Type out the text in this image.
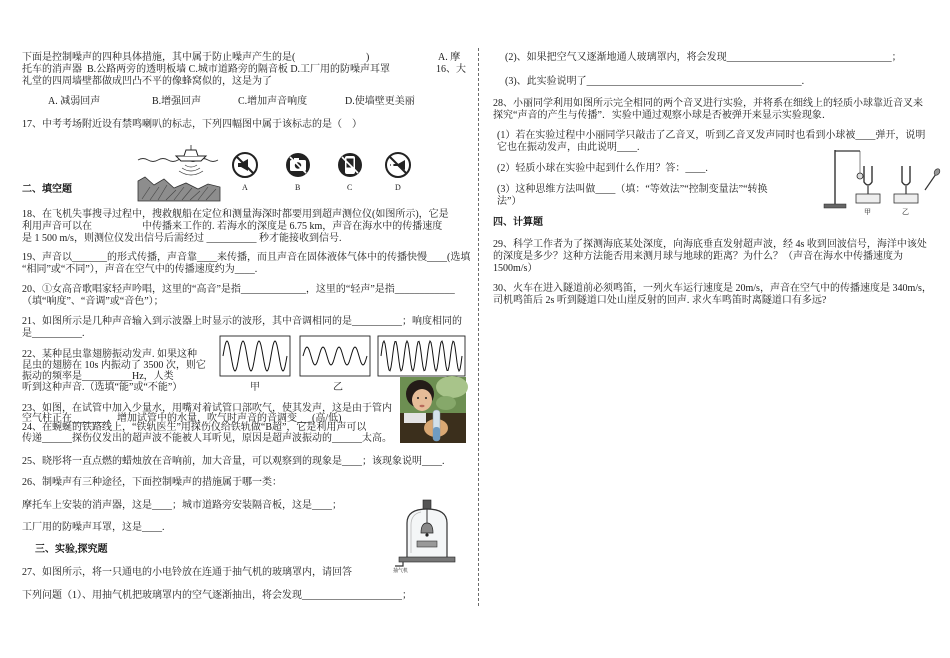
下面是控制噪声的四种具体措施，其中属于防止噪声产生的是(	)	A. 摩
托车的消声器  B.公路两旁的透明板墙 C.城市道路旁的隔音板 D.工厂用的防噪声耳罩	16、大
礼堂的四周墙壁都做成凹凸不平的像蜂窝似的，这是为了
A. 减弱回声	B.增强回声	C.增加声音响度	D.使墙壁更美丽
17、中考考场附近设有禁鸣喇叭的标志，下列四幅图中属于该标志的是（    ）
A	B	C	D
二、填空题
18、在飞机失事搜寻过程中，搜救舰船在定位和测量海深时都要用到超声测位仪(如图所示)，它是
利用声音可以在　　　　　中传播来工作的. 若海水的深度是 6.75 km，声音在海水中的传播速度
是 1 500 m/s，则测位仪发出信号后需经过 __________ 秒才能接收到信号.
19、声音以_______的形式传播，声音靠____来传播，而且声音在固体液体气体中的传播快慢____(选填
“相同”或“不同”），声音在空气中的传播速度约为____.
20、①女高音歌唱家轻声吟唱，这里的“高音”是指_____________，这里的“轻声”是指____________
（填“响度”、“音调”或“音色”）；
21、如图所示是几种声音输入到示波器上时显示的波形，其中音调相同的是__________；响度相同的
是__________.
22、某种昆虫靠翅膀振动发声. 如果这种
昆虫的翅膀在 10s 内振动了 3500 次，则它
振动的频率是__________Hz，人类
听到这种声音.（选填“能”或“不能”）	甲	乙
23、如图，在试管中加入少量水，用嘴对着试管口部吹气，使其发声，这是由于管内
空气柱正在_______，增加试管中的水量，吹气时声音的音调变___(高/低)
24、在蜿蜒的铁路线上，“铁轨医生”用探伤仪给铁轨做“B超”，它是利用声可以
传递______探伤仪发出的超声波不能被人耳听见，原因是超声波振动的______太高。
25、晓彤将一直点燃的蜡烛放在音响前，加大音量，可以观察到的现象是____；该现象说明____.
26、制噪声有三种途径，下面控制噪声的措施属于哪一类：
摩托车上安装的消声器，这是____；城市道路旁安装隔音板，这是____；
工厂用的防噪声耳罩，这是____.
三、实验,探究题
27、如图所示，将一只通电的小电铃放在连通于抽气机的玻璃罩内，请回答
下列问题（1）、用抽气机把玻璃罩内的空气逐渐抽出，将会发现____________________；
抽气机
(2)、如果把空气又逐渐地通人玻璃罩内，将会发现_________________________________；
(3)、此实验说明了___________________________________________.
28、小丽同学利用如图所示完全相同的两个音叉进行实验，并将系在细线上的轻质小球靠近音叉来
探究“声音的产生与传播”．实验中通过观察小球是否被弹开来显示实验现象．
(1）若在实验过程中小丽同学只敲击了乙音叉，听到乙音叉发声同时也看到小球被____弹开，说明
它也在振动发声，由此说明____.
(2）轻质小球在实验中起到什么作用？答：____.
(3）这种思维方法叫做____（填：“等效法”“控制变量法”“转换
法”）
甲	乙
四、计算题
29、科学工作者为了探测海底某处深度，向海底垂直发射超声波，经 4s 收到回波信号，海洋中该处
的深度是多少？这种方法能否用来测月球与地球的距离？为什么？（声音在海水中传播速度为
1500m/s）
30、火车在进入隧道前必须鸣笛，一列火车运行速度是 20m/s，声音在空气中的传播速度是 340m/s，
司机鸣笛后 2s 听到隧道口处山崖反射的回声. 求火车鸣笛时离隧道口有多远?
